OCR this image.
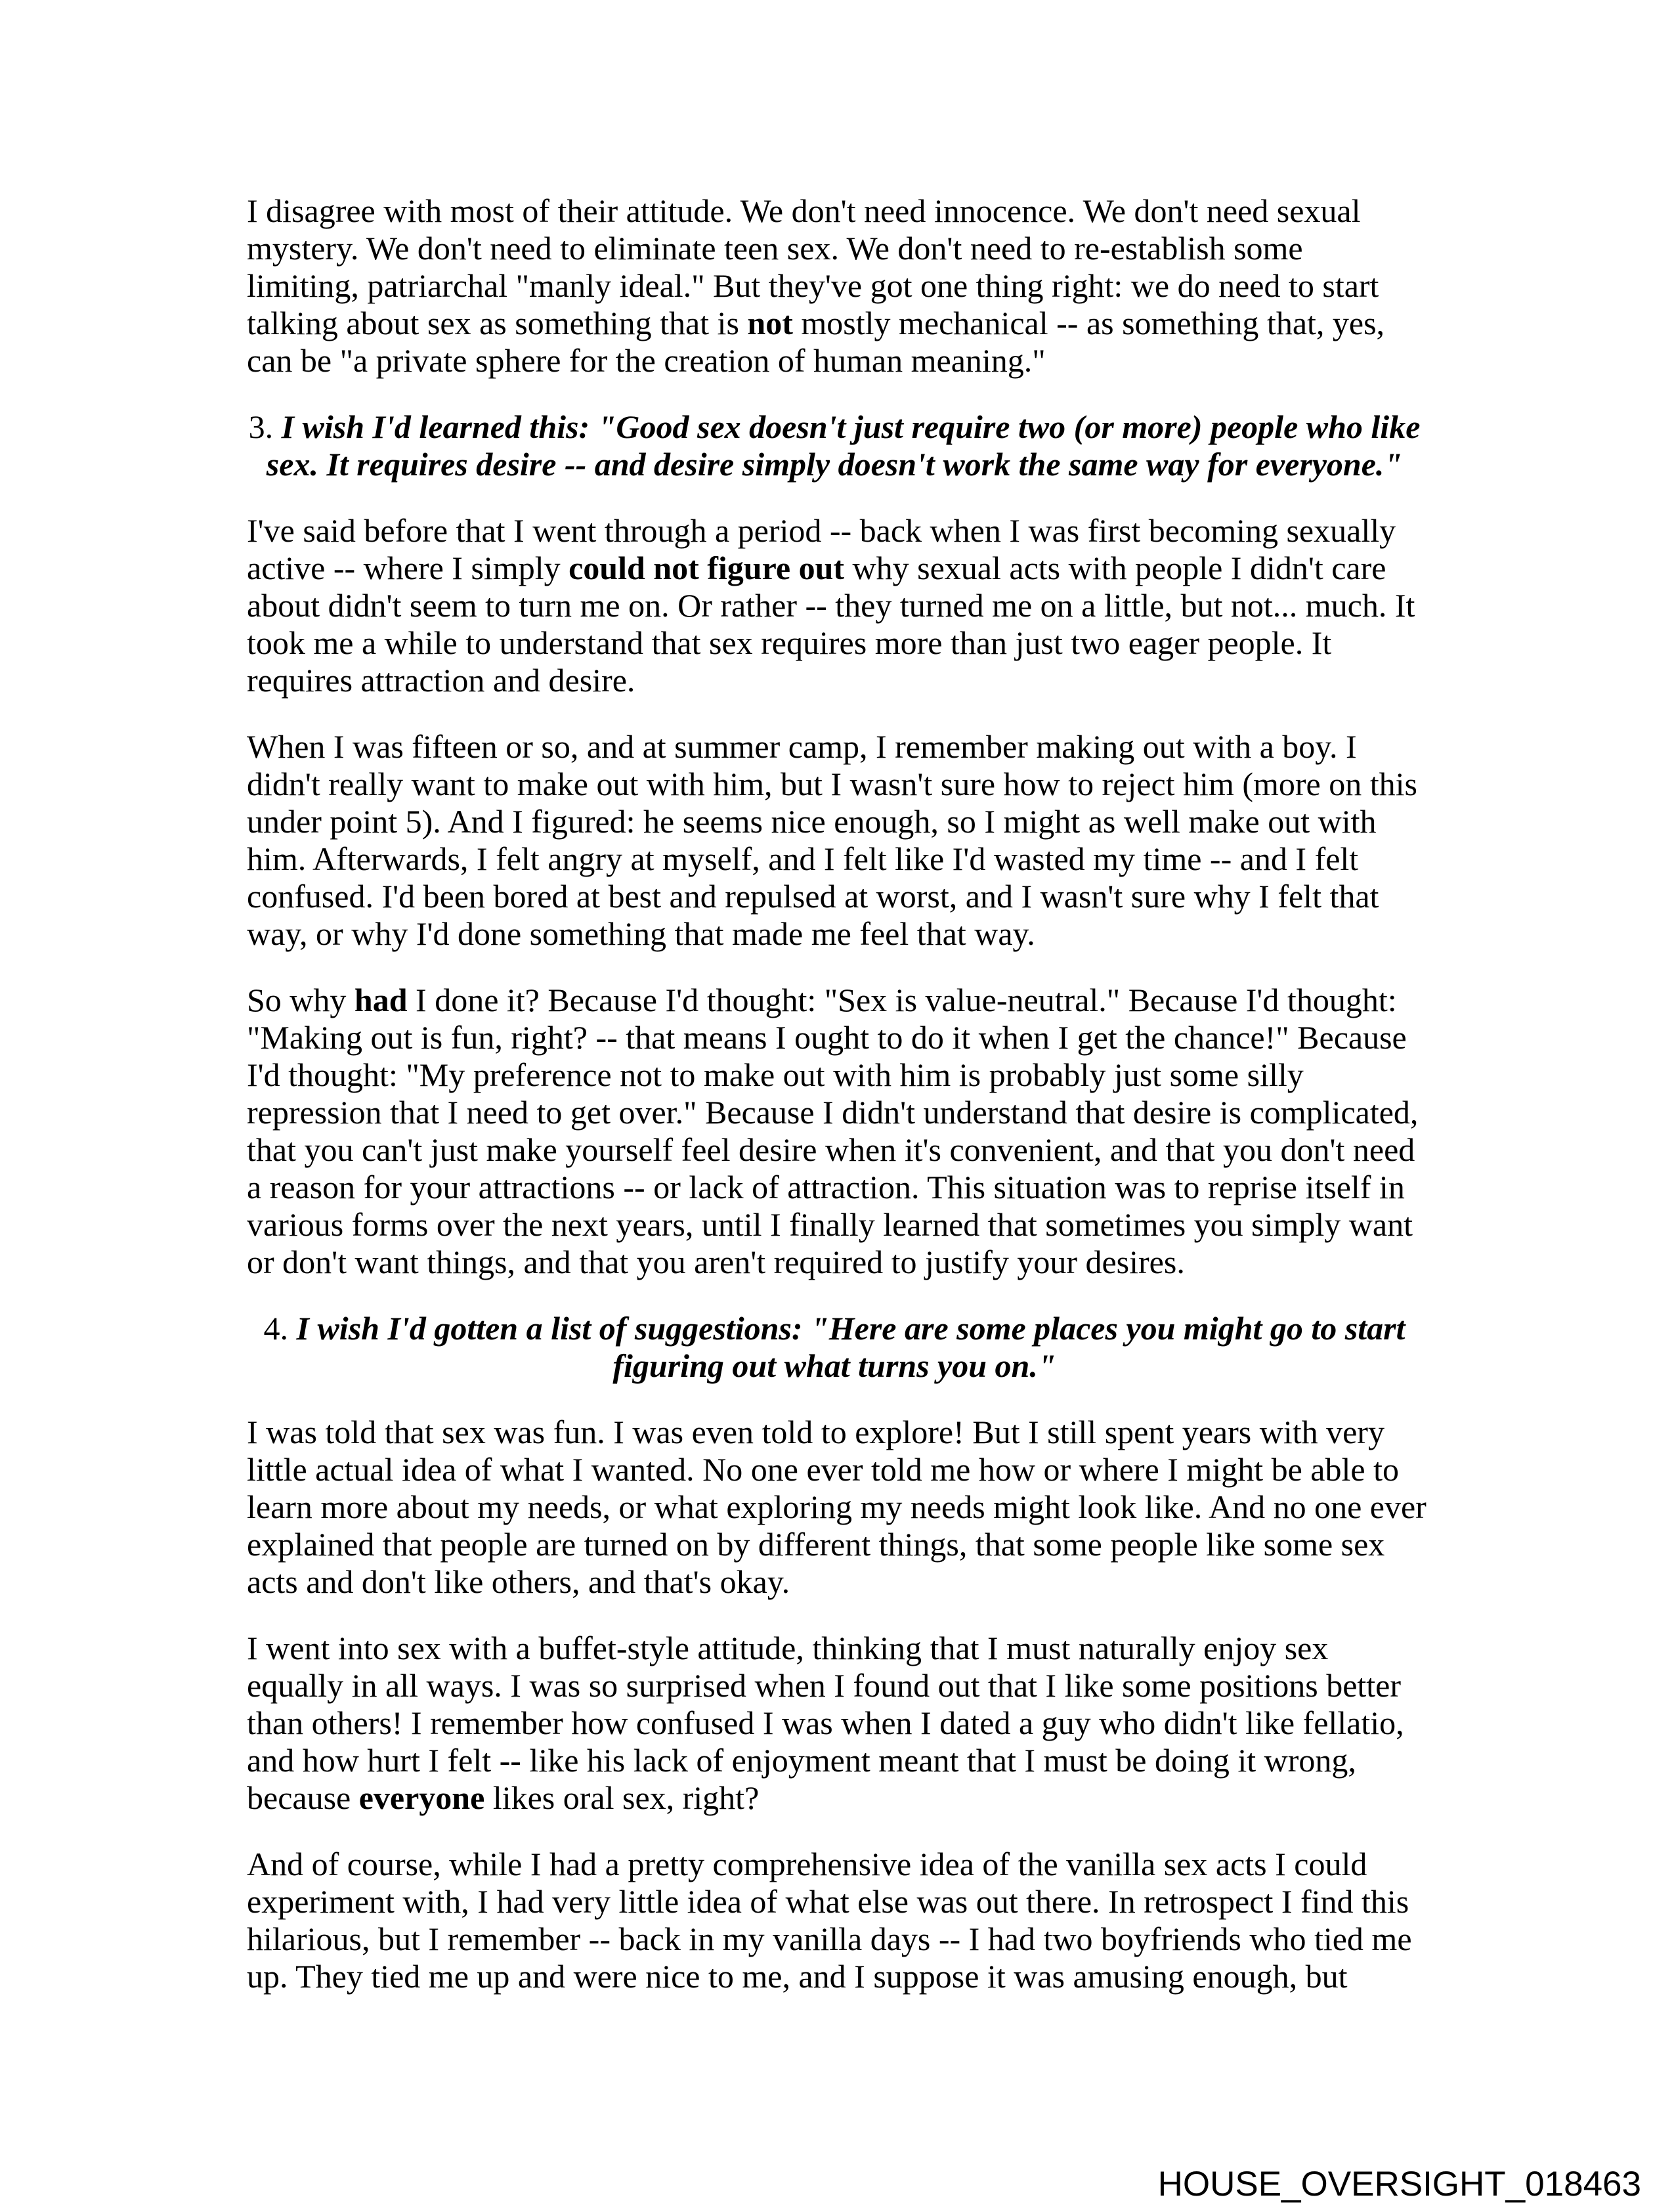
I disagree with most of their attitude. We don't need innocence. We don't need sexual
mystery. We don't need to eliminate teen sex. We don't need to re-establish some
limiting, patriarchal "manly ideal." But they've got one thing right: we do need to start
talking about sex as something that is not mostly mechanical -- as something that, yes,
can be "a private sphere for the creation of human meaning."
3. I wish I'd learned this: "Good sex doesn't just require two (or more) people who like
sex. It requires desire -- and desire simply doesn't work the same way for everyone."
I've said before that I went through a period -- back when I was first becoming sexually
active -- where I simply could not figure out why sexual acts with people I didn't care
about didn't seem to turn me on. Or rather -- they turned me on a little, but not... much. It
took me a while to understand that sex requires more than just two eager people. It
requires attraction and desire.
When I was fifteen or so, and at summer camp, I remember making out with a boy. I
didn't really want to make out with him, but I wasn't sure how to reject him (more on this
under point 5). And I figured: he seems nice enough, so I might as well make out with
him. Afterwards, I felt angry at myself, and I felt like I'd wasted my time -- and I felt
confused. I'd been bored at best and repulsed at worst, and I wasn't sure why I felt that
way, or why I'd done something that made me feel that way.
So why had I done it? Because I'd thought: "Sex is value-neutral." Because I'd thought:
"Making out is fun, right? -- that means I ought to do it when I get the chance!" Because
I'd thought: "My preference not to make out with him is probably just some silly
repression that I need to get over." Because I didn't understand that desire is complicated,
that you can't just make yourself feel desire when it's convenient, and that you don't need
a reason for your attractions -- or lack of attraction. This situation was to reprise itself in
various forms over the next years, until I finally learned that sometimes you simply want
or don't want things, and that you aren't required to justify your desires.
4. I wish I'd gotten a list of suggestions: "Here are some places you might go to start
figuring out what turns you on."
I was told that sex was fun. I was even told to explore! But I still spent years with very
little actual idea of what I wanted. No one ever told me how or where I might be able to
learn more about my needs, or what exploring my needs might look like. And no one ever
explained that people are turned on by different things, that some people like some sex
acts and don't like others, and that's okay.
I went into sex with a buffet-style attitude, thinking that I must naturally enjoy sex
equally in all ways. I was so surprised when I found out that I like some positions better
than others! I remember how confused I was when I dated a guy who didn't like fellatio,
and how hurt I felt -- like his lack of enjoyment meant that I must be doing it wrong,
because everyone likes oral sex, right?
And of course, while I had a pretty comprehensive idea of the vanilla sex acts I could
experiment with, I had very little idea of what else was out there. In retrospect I find this
hilarious, but I remember -- back in my vanilla days -- I had two boyfriends who tied me
up. They tied me up and were nice to me, and I suppose it was amusing enough, but
HOUSE_OVERSIGHT_018463
